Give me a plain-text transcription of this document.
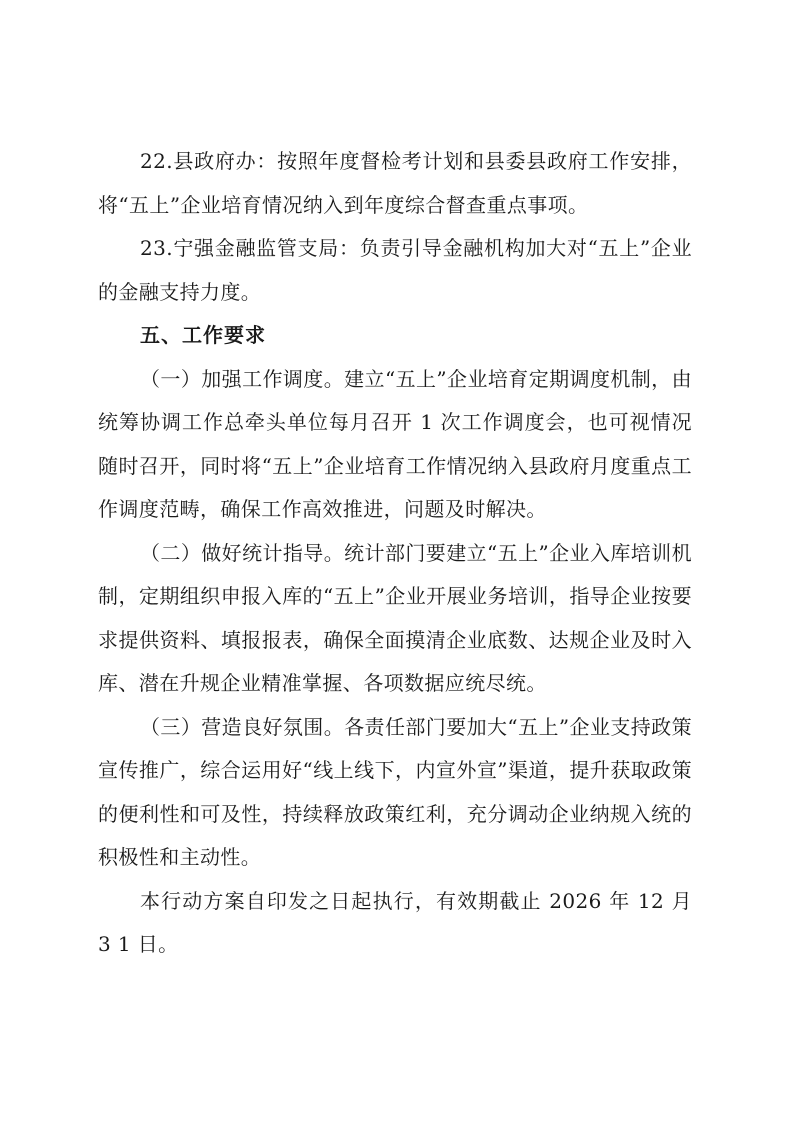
22.县政府办：按照年度督检考计划和县委县政府工作安排，将“五上”企业培育情况纳入到年度综合督查重点事项。

23.宁强金融监管支局：负责引导金融机构加大对“五上”企业的金融支持力度。

五、工作要求

（一）加强工作调度。建立“五上”企业培育定期调度机制，由统筹协调工作总牵头单位每月召开 1 次工作调度会，也可视情况随时召开，同时将“五上”企业培育工作情况纳入县政府月度重点工作调度范畴，确保工作高效推进，问题及时解决。

（二）做好统计指导。统计部门要建立“五上”企业入库培训机制，定期组织申报入库的“五上”企业开展业务培训，指导企业按要求提供资料、填报报表，确保全面摸清企业底数、达规企业及时入库、潜在升规企业精准掌握、各项数据应统尽统。

（三）营造良好氛围。各责任部门要加大“五上”企业支持政策宣传推广，综合运用好“线上线下，内宣外宣”渠道，提升获取政策的便利性和可及性，持续释放政策红利，充分调动企业纳规入统的积极性和主动性。

本行动方案自印发之日起执行，有效期截止 2026 年 12 月 3 1 日。
